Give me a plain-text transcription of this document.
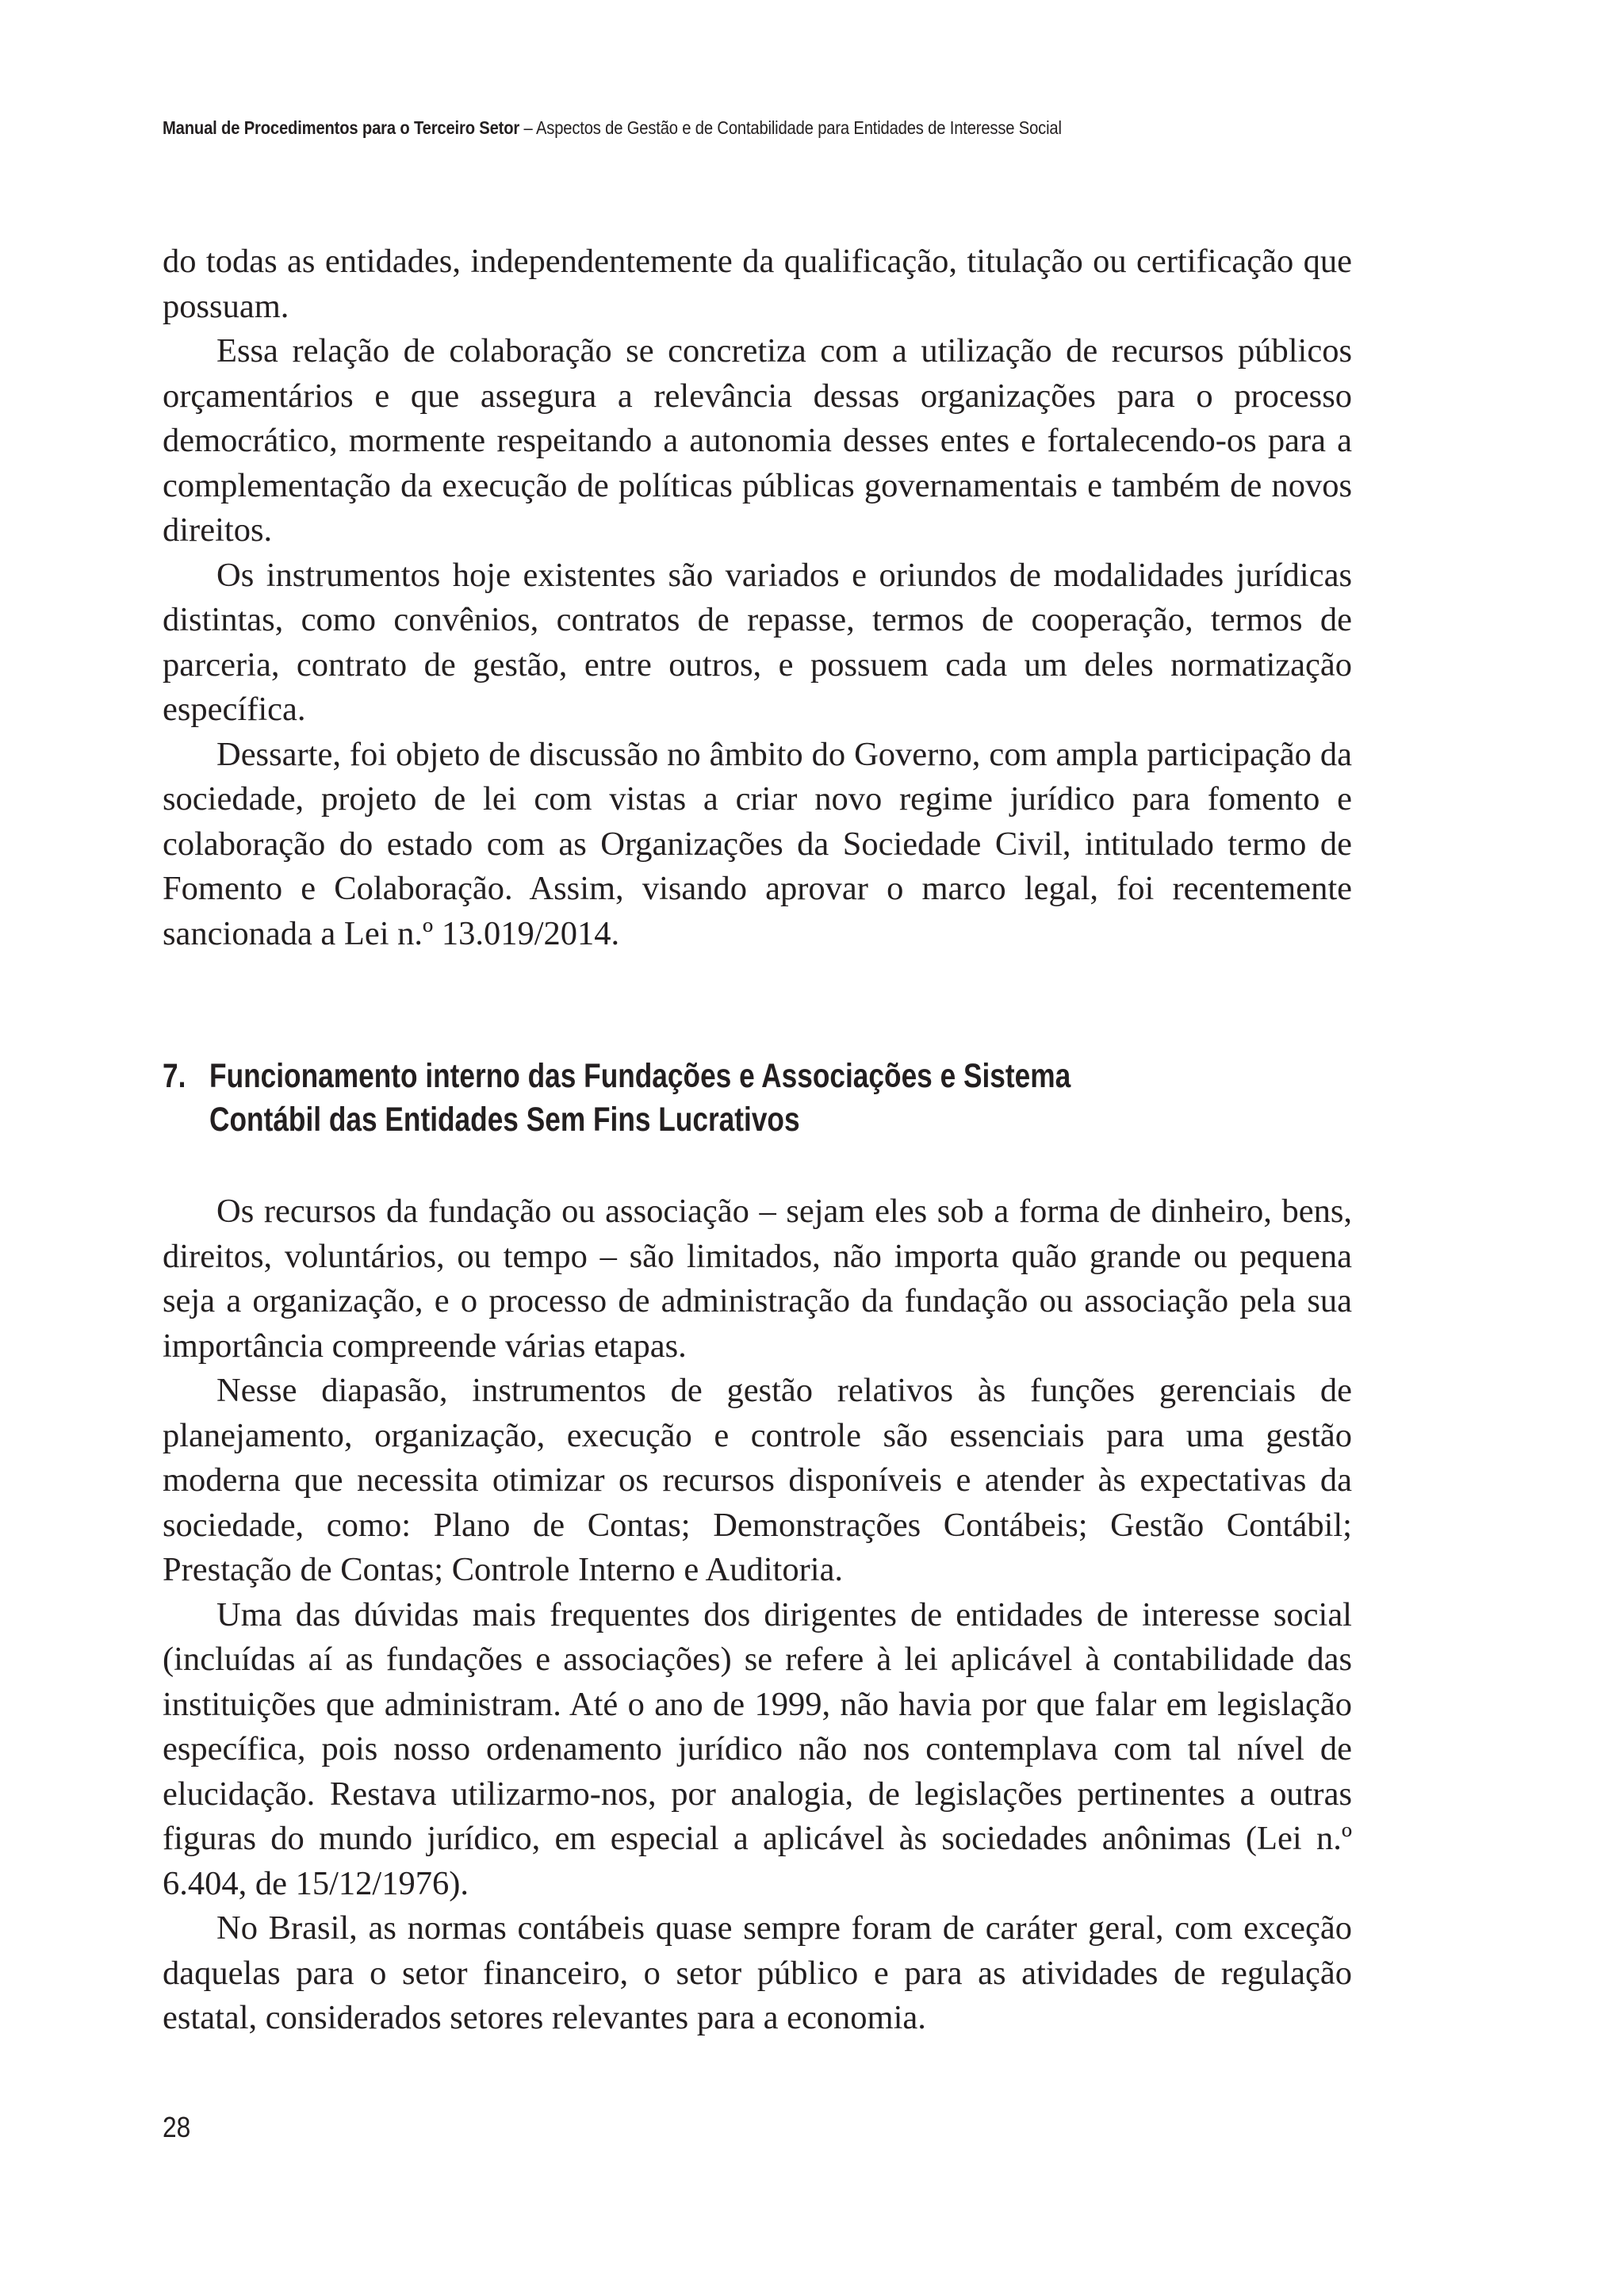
Manual de Procedimentos para o Terceiro Setor – Aspectos de Gestão e de Contabilidade para Entidades de Interesse Social

do todas as entidades, independentemente da qualificação, titulação ou certificação que possuam.

Essa relação de colaboração se concretiza com a utilização de recursos públicos orçamentários e que assegura a relevância dessas organizações para o processo democrático, mormente respeitando a autonomia desses entes e fortalecendo-os para a complementação da execução de políticas públicas governamentais e também de novos direitos.

Os instrumentos hoje existentes são variados e oriundos de modalidades jurídicas distintas, como convênios, contratos de repasse, termos de cooperação, termos de parceria, contrato de gestão, entre outros, e possuem cada um deles normatização específica.

Dessarte, foi objeto de discussão no âmbito do Governo, com ampla participação da sociedade, projeto de lei com vistas a criar novo regime jurídico para fomento e colaboração do estado com as Organizações da Sociedade Civil, intitulado termo de Fomento e Colaboração. Assim, visando aprovar o marco legal, foi recentemente sancionada a Lei n.º 13.019/2014.

7. Funcionamento interno das Fundações e Associações e Sistema Contábil das Entidades Sem Fins Lucrativos

Os recursos da fundação ou associação – sejam eles sob a forma de dinheiro, bens, direitos, voluntários, ou tempo – são limitados, não importa quão grande ou pequena seja a organização, e o processo de administração da fundação ou associação pela sua importância compreende várias etapas.

Nesse diapasão, instrumentos de gestão relativos às funções gerenciais de planejamento, organização, execução e controle são essenciais para uma gestão moderna que necessita otimizar os recursos disponíveis e atender às expectativas da sociedade, como: Plano de Contas; Demonstrações Contábeis; Gestão Contábil; Prestação de Contas; Controle Interno e Auditoria.

Uma das dúvidas mais frequentes dos dirigentes de entidades de interesse social (incluídas aí as fundações e associações) se refere à lei aplicável à contabilidade das instituições que administram. Até o ano de 1999, não havia por que falar em legislação específica, pois nosso ordenamento jurídico não nos contemplava com tal nível de elucidação. Restava utilizarmo-nos, por analogia, de legislações pertinentes a outras figuras do mundo jurídico, em especial a aplicável às sociedades anônimas (Lei n.º 6.404, de 15/12/1976).

No Brasil, as normas contábeis quase sempre foram de caráter geral, com exceção daquelas para o setor financeiro, o setor público e para as atividades de regulação estatal, considerados setores relevantes para a economia.

28
